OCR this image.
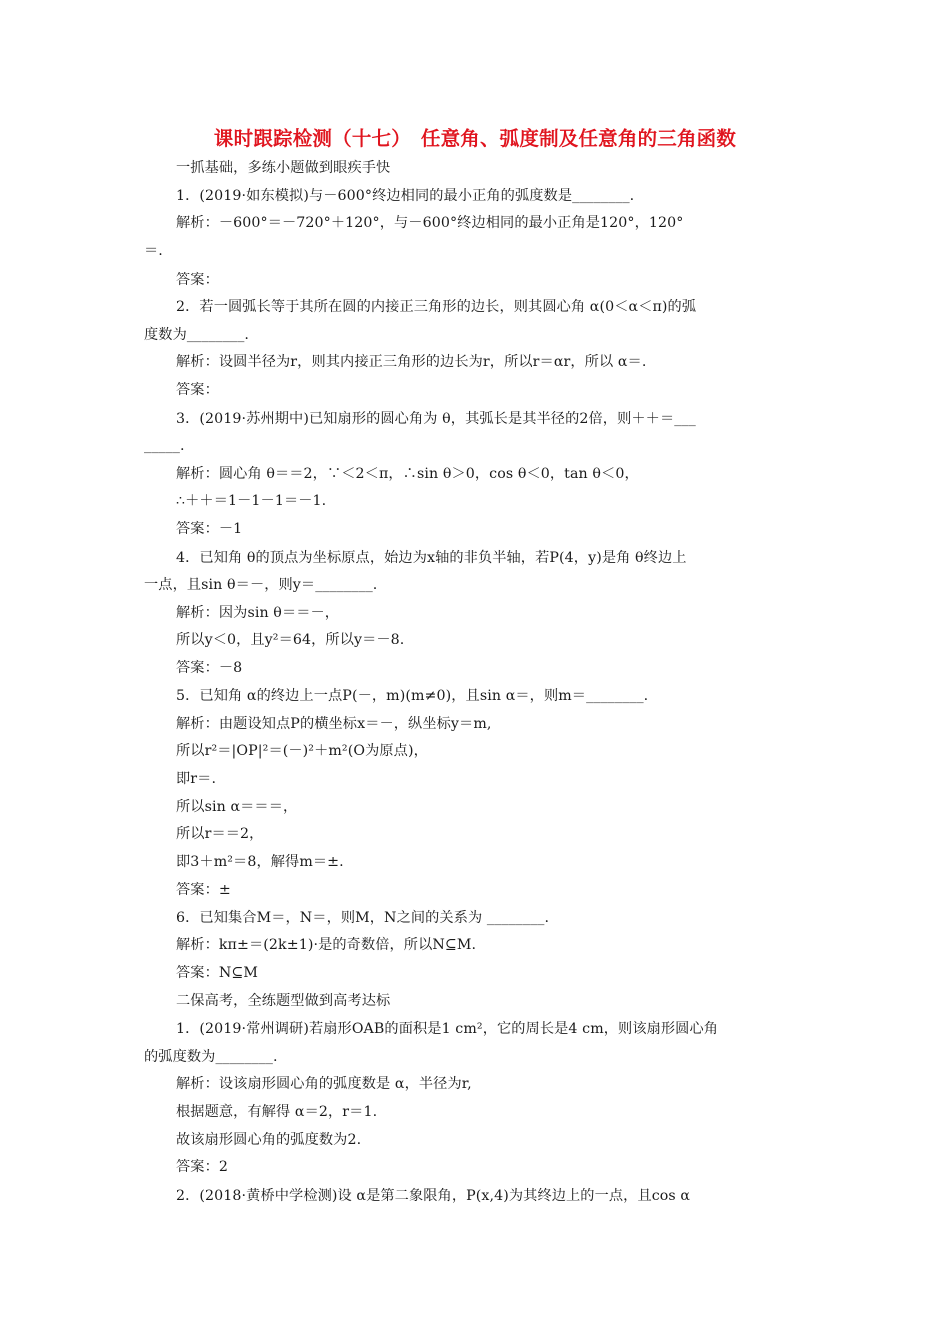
课时跟踪检测（十七）　任意角、弧度制及任意角的三角函数
一抓基础，多练小题做到眼疾手快
1．(2019·如东模拟)与－600°终边相同的最小正角的弧度数是________.
解析：－600°＝－720°＋120°，与－600°终边相同的最小正角是120°，120°
＝.
答案：
2．若一圆弧长等于其所在圆的内接正三角形的边长，则其圆心角 α(0＜α＜π)的弧
度数为________.
解析：设圆半径为r，则其内接正三角形的边长为r，所以r＝αr，所以 α＝.
答案：
3．(2019·苏州期中)已知扇形的圆心角为 θ，其弧长是其半径的2倍，则＋＋＝___
_____.
解析：圆心角 θ＝＝2，∵＜2＜π，∴sin θ＞0，cos θ＜0，tan θ＜0，
∴＋＋＝1－1－1＝－1.
答案：－1
4．已知角 θ的顶点为坐标原点，始边为x轴的非负半轴，若P(4，y)是角 θ终边上
一点，且sin θ＝－，则y＝________.
解析：因为sin θ＝＝－，
所以y＜0，且y²＝64，所以y＝－8.
答案：－8
5．已知角 α的终边上一点P(－，m)(m≠0)，且sin α＝，则m＝________.
解析：由题设知点P的横坐标x＝－，纵坐标y＝m,
所以r²＝|OP|²＝(－)²＋m²(O为原点)，
即r＝.
所以sin α＝＝＝，
所以r＝＝2，
即3＋m²＝8，解得m＝±.
答案：±
6．已知集合M＝，N＝，则M，N之间的关系为 ________.
解析：kπ±＝(2k±1)·是的奇数倍，所以N⊆M.
答案：N⊆M
二保高考，全练题型做到高考达标
1．(2019·常州调研)若扇形OAB的面积是1 cm²，它的周长是4 cm，则该扇形圆心角
的弧度数为________.
解析：设该扇形圆心角的弧度数是 α，半径为r,
根据题意，有解得 α＝2，r＝1.
故该扇形圆心角的弧度数为2.
答案：2
2．(2018·黄桥中学检测)设 α是第二象限角，P(x,4)为其终边上的一点，且cos α
